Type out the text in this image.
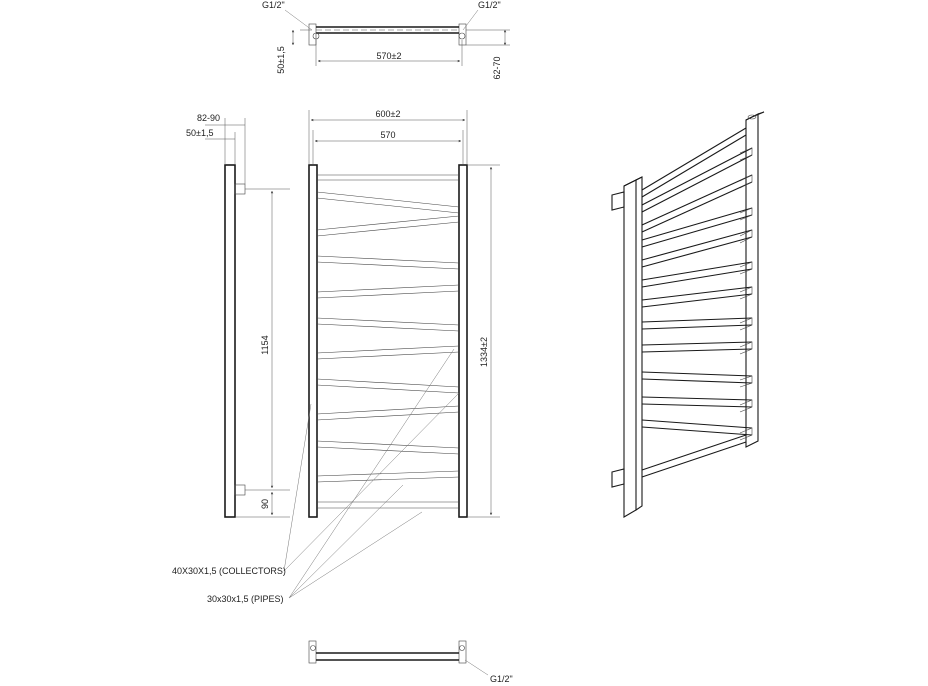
G1/2"	G1/2"
570±2
50±1,5	62-70
82-90
50±1,5
1154
90
600±2
570
1334±2
40X30X1,5 (COLLECTORS)
30x30x1,5 (PIPES)
G1/2"
